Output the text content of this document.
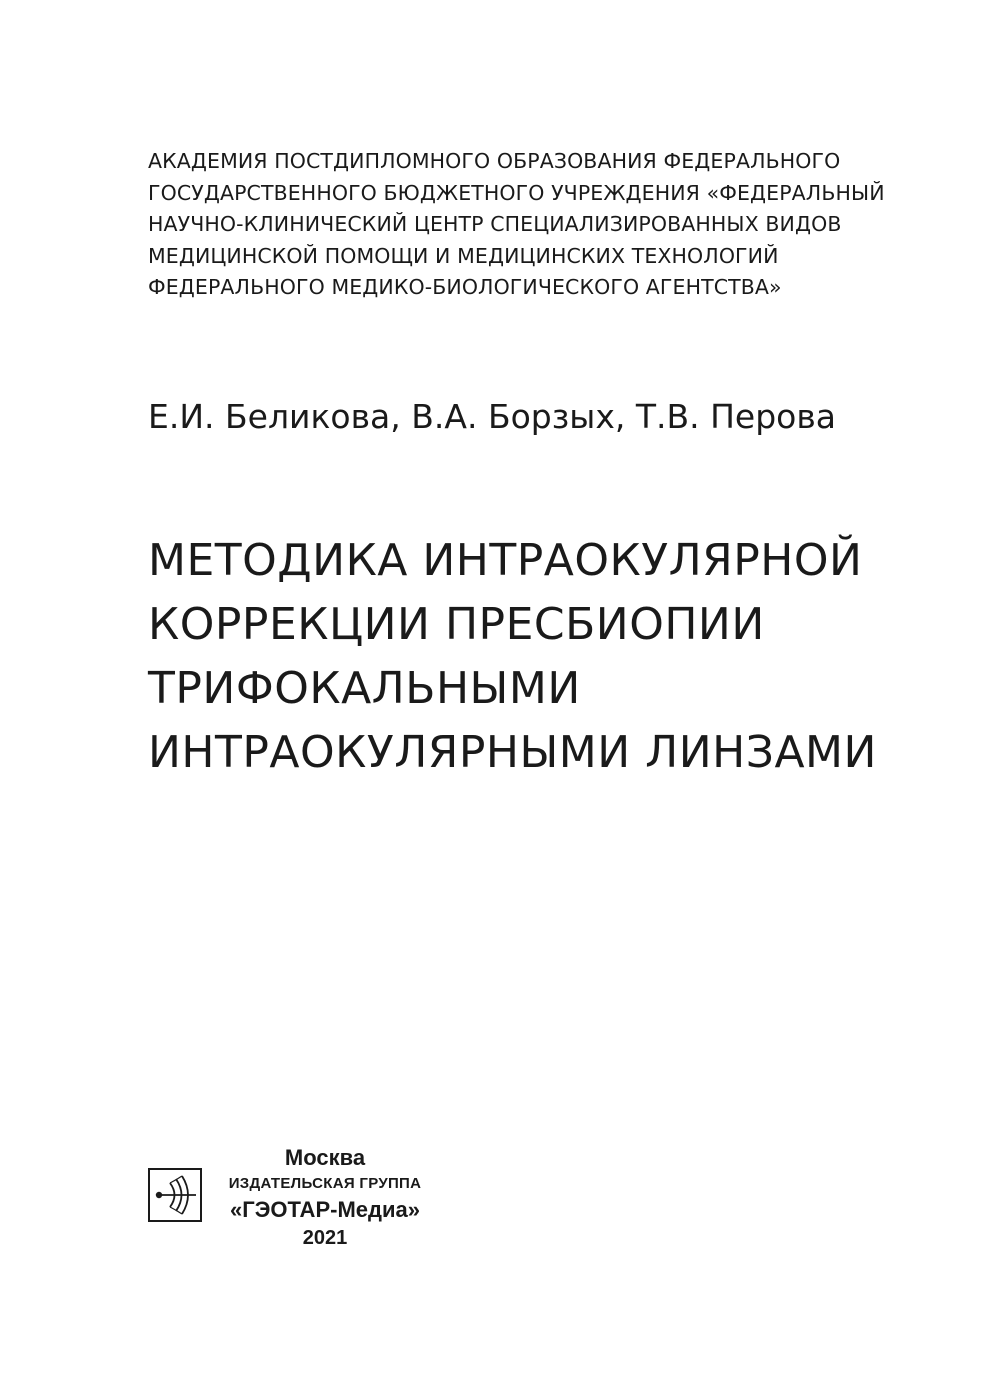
АКАДЕМИЯ ПОСТДИПЛОМНОГО ОБРАЗОВАНИЯ ФЕДЕРАЛЬНОГО
ГОСУДАРСТВЕННОГО БЮДЖЕТНОГО УЧРЕЖДЕНИЯ «ФЕДЕРАЛЬНЫЙ
НАУЧНО-КЛИНИЧЕСКИЙ ЦЕНТР СПЕЦИАЛИЗИРОВАННЫХ ВИДОВ
МЕДИЦИНСКОЙ ПОМОЩИ И МЕДИЦИНСКИХ ТЕХНОЛОГИЙ
ФЕДЕРАЛЬНОГО МЕДИКО-БИОЛОГИЧЕСКОГО АГЕНТСТВА»

Е.И. Беликова, В.А. Борзых, Т.В. Перова

МЕТОДИКА ИНТРАОКУЛЯРНОЙ
КОРРЕКЦИИ ПРЕСБИОПИИ
ТРИФОКАЛЬНЫМИ
ИНТРАОКУЛЯРНЫМИ ЛИНЗАМИ
Москва
ИЗДАТЕЛЬСКАЯ ГРУППА
«ГЭОТАР-Медиа»
2021
